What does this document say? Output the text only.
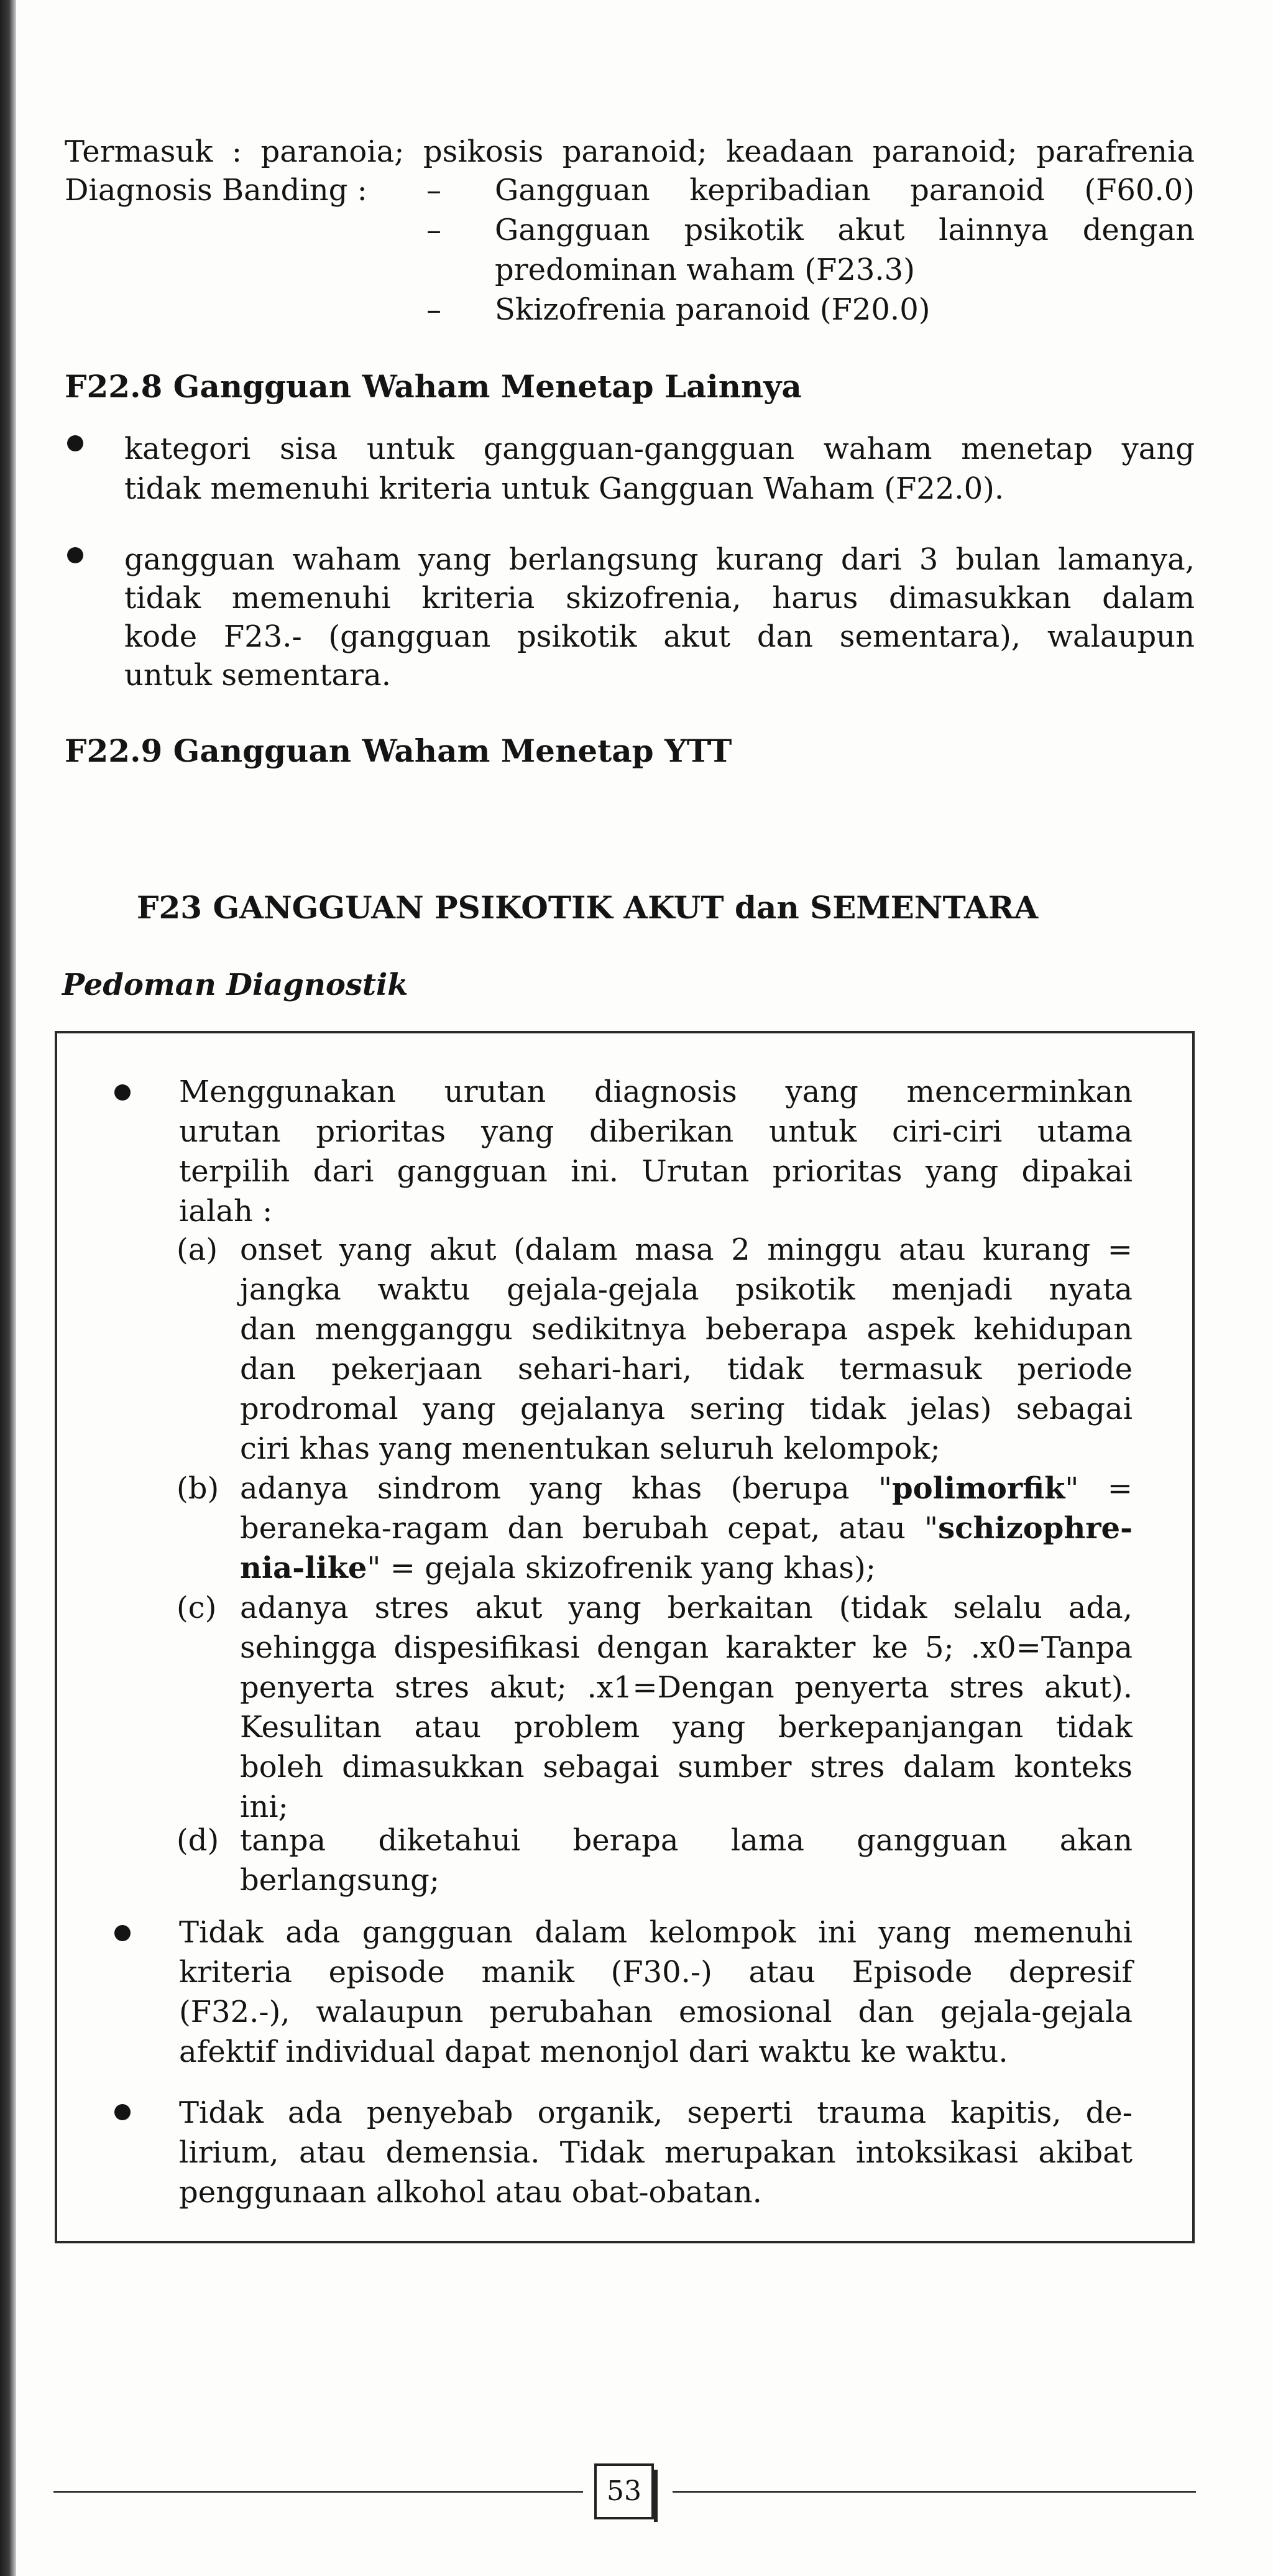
Termasuk : paranoia; psikosis paranoid; keadaan paranoid; parafrenia
Diagnosis Banding : – Gangguan kepribadian paranoid (F60.0)
– Gangguan psikotik akut lainnya dengan
predominan waham (F23.3)
– Skizofrenia paranoid (F20.0)
F22.8 Gangguan Waham Menetap Lainnya
kategori sisa untuk gangguan-gangguan waham menetap yang
tidak memenuhi kriteria untuk Gangguan Waham (F22.0).
gangguan waham yang berlangsung kurang dari 3 bulan lamanya,
tidak memenuhi kriteria skizofrenia, harus dimasukkan dalam
kode F23.- (gangguan psikotik akut dan sementara), walaupun
untuk sementara.
F22.9 Gangguan Waham Menetap YTT
F23 GANGGUAN PSIKOTIK AKUT dan SEMENTARA
Pedoman Diagnostik
Menggunakan urutan diagnosis yang mencerminkan
urutan prioritas yang diberikan untuk ciri-ciri utama
terpilih dari gangguan ini. Urutan prioritas yang dipakai
ialah :
(a) onset yang akut (dalam masa 2 minggu atau kurang =
jangka waktu gejala-gejala psikotik menjadi nyata
dan mengganggu sedikitnya beberapa aspek kehidupan
dan pekerjaan sehari-hari, tidak termasuk periode
prodromal yang gejalanya sering tidak jelas) sebagai
ciri khas yang menentukan seluruh kelompok;
(b) adanya sindrom yang khas (berupa "polimorfik" =
beraneka-ragam dan berubah cepat, atau "schizophre-
nia-like" = gejala skizofrenik yang khas);
(c) adanya stres akut yang berkaitan (tidak selalu ada,
sehingga dispesifikasi dengan karakter ke 5; .x0=Tanpa
penyerta stres akut; .x1=Dengan penyerta stres akut).
Kesulitan atau problem yang berkepanjangan tidak
boleh dimasukkan sebagai sumber stres dalam konteks
ini;
(d) tanpa diketahui berapa lama gangguan akan
berlangsung;
Tidak ada gangguan dalam kelompok ini yang memenuhi
kriteria episode manik (F30.-) atau Episode depresif
(F32.-), walaupun perubahan emosional dan gejala-gejala
afektif individual dapat menonjol dari waktu ke waktu.
Tidak ada penyebab organik, seperti trauma kapitis, de-
lirium, atau demensia. Tidak merupakan intoksikasi akibat
penggunaan alkohol atau obat-obatan.
53
